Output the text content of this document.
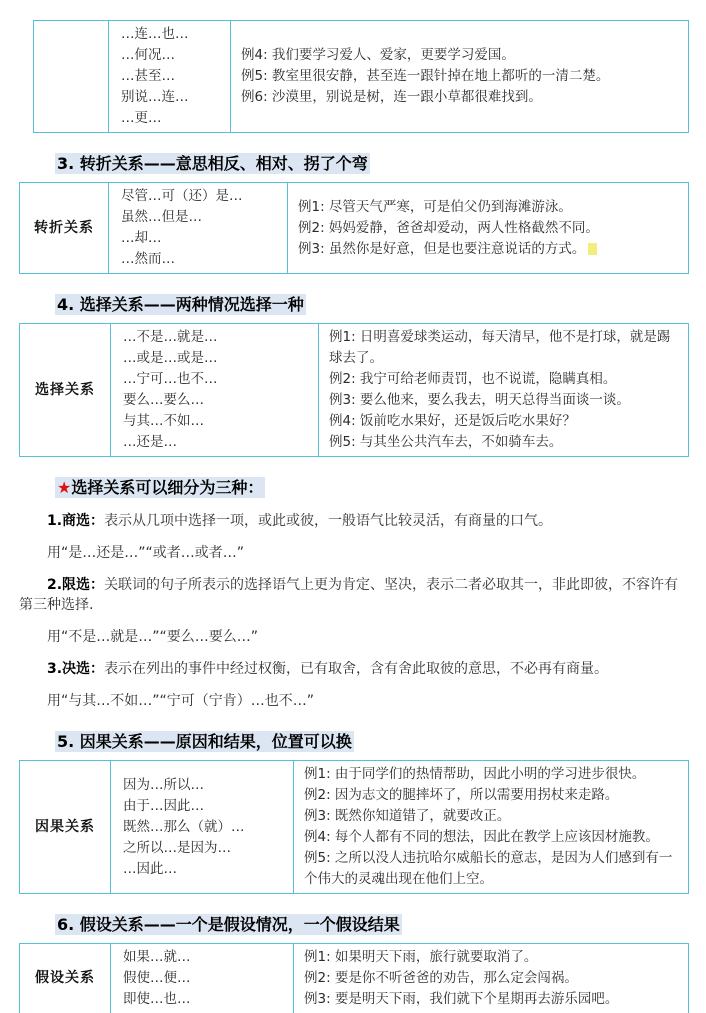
…连…也…
…何况…
…甚至…
别说…连…
…更…
例4: 我们要学习爱人、爱家，更要学习爱国。
例5: 教室里很安静，甚至连一跟针掉在地上都听的一清二楚。
例6: 沙漠里，别说是树，连一跟小草都很难找到。
3. 转折关系——意思相反、相对、拐了个弯
转折关系
尽管…可（还）是…
虽然…但是…
…却…
…然而…
例1: 尽管天气严寒，可是伯父仍到海滩游泳。
例2: 妈妈爱静，爸爸却爱动，两人性格截然不同。
例3: 虽然你是好意，但是也要注意说话的方式。
4. 选择关系——两种情况选择一种
选择关系
…不是…就是…
…或是…或是…
…宁可…也不…
要么…要么…
与其…不如…
…还是…
例1: 日明喜爱球类运动，每天清早，他不是打球，就是踢球去了。
例2: 我宁可给老师责罚，也不说谎，隐瞒真相。
例3: 要么他来，要么我去，明天总得当面谈一谈。
例4: 饭前吃水果好，还是饭后吃水果好？
例5: 与其坐公共汽车去，不如骑车去。
★选择关系可以细分为三种：

1.商选：表示从几项中选择一项，或此或彼，一般语气比较灵活，有商量的口气。

用“是…还是…”“或者…或者…”

2.限选：关联词的句子所表示的选择语气上更为肯定、坚决，表示二者必取其一，非此即彼，不容许有第三种选择.

用“不是…就是…”“要么…要么…”

3.决选：表示在列出的事件中经过权衡，已有取舍，含有舍此取彼的意思，不必再有商量。

用“与其…不如…”“宁可（宁肯）…也不…”

5. 因果关系——原因和结果，位置可以换
因果关系
因为…所以…
由于…因此…
既然…那么（就）…
之所以…是因为…
…因此…
例1: 由于同学们的热情帮助，因此小明的学习进步很快。
例2: 因为志文的腿摔坏了，所以需要用拐杖来走路。
例3: 既然你知道错了，就要改正。
例4: 每个人都有不同的想法，因此在教学上应该因材施教。
例5: 之所以没人违抗哈尔威船长的意志，是因为人们感到有一个伟大的灵魂出现在他们上空。
6. 假设关系——一个是假设情况，一个假设结果
假设关系
如果…就…
假使…便…
即使…也…
例1: 如果明天下雨，旅行就要取消了。
例2: 要是你不听爸爸的劝告，那么定会闯祸。
例3: 要是明天下雨，我们就下个星期再去游乐园吧。
